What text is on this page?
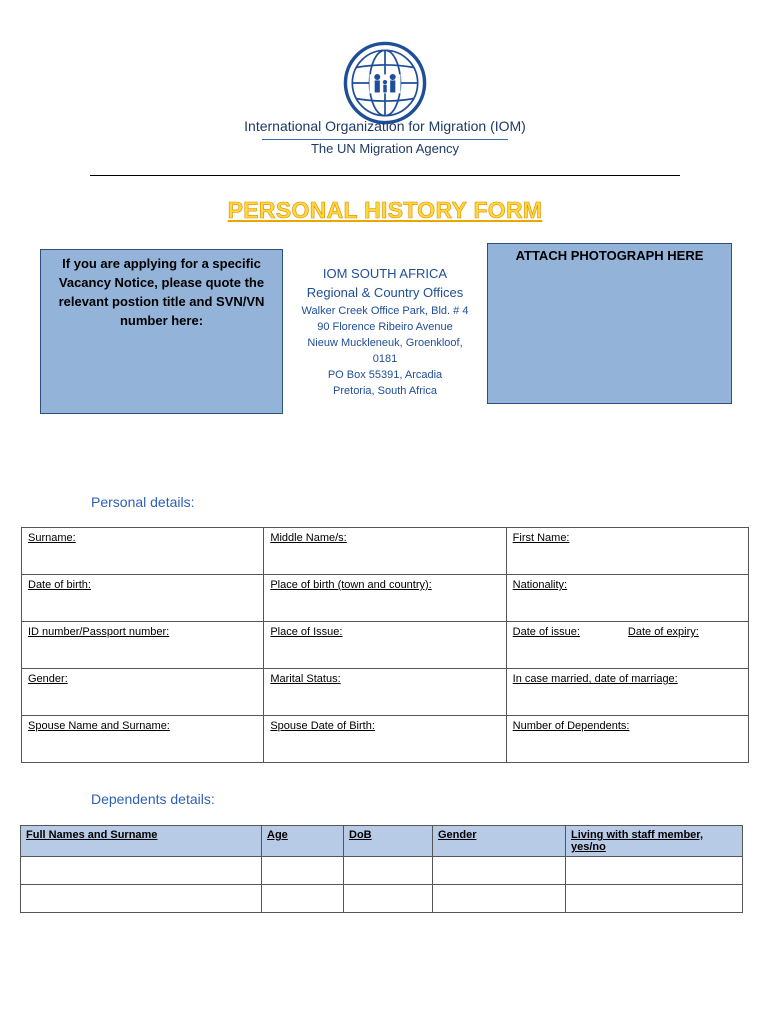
International Organization for Migration (IOM)
The UN Migration Agency
PERSONAL HISTORY FORM
If you are applying for a specific Vacancy Notice, please quote the relevant postion title and SVN/VN number here:
IOM SOUTH AFRICA
Regional & Country Offices
Walker Creek Office Park, Bld. # 4
90 Florence Ribeiro Avenue
Nieuw Muckleneuk, Groenkloof,
0181
PO Box 55391, Arcadia
Pretoria, South Africa
ATTACH PHOTOGRAPH HERE
Personal details:
Surname:	Middle Name/s:	First Name:
Date of birth:	Place of birth (town and country):	Nationality:
ID number/Passport number:	Place of Issue:	Date of issue: Date of expiry:
Gender:	Marital Status:	In case married, date of marriage:
Spouse Name and Surname:	Spouse Date of Birth:	Number of Dependents:
Dependents details:
Full Names and Surname	Age	DoB	Gender	Living with staff member, yes/no
